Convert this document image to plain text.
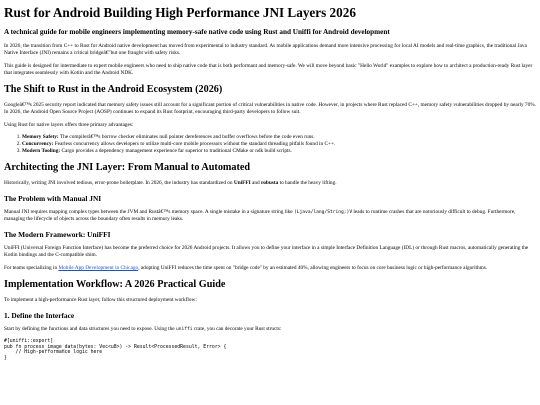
Rust for Android Building High Performance JNI Layers 2026
A technical guide for mobile engineers implementing memory-safe native code using Rust and Uniffi for Android development

In 2026, the transition from C++ to Rust for Android native development has moved from experimental to industry standard. As mobile applications demand more intensive processing for local AI models and real-time graphics, the traditional Java Native Interface (JNI) remains a critical bridgeâ€"but one fraught with safety risks.

This guide is designed for intermediate to expert mobile engineers who need to ship native code that is both performant and memory-safe. We will move beyond basic "Hello World" examples to explore how to architect a production-ready Rust layer that integrates seamlessly with Kotlin and the Android NDK.

The Shift to Rust in the Android Ecosystem (2026)

Googleâ€™s 2025 security report indicated that memory safety issues still account for a significant portion of critical vulnerabilities in native code. However, in projects where Rust replaced C++, memory safety vulnerabilities dropped by nearly 70%. In 2026, the Android Open Source Project (AOSP) continues to expand its Rust footprint, encouraging third-party developers to follow suit.

Using Rust for native layers offers three primary advantages:

1. Memory Safety: The compilerâ€™s borrow checker eliminates null pointer dereferences and buffer overflows before the code even runs.
2. Concurrency: Fearless concurrency allows developers to utilize multi-core mobile processors without the standard threading pitfalls found in C++.
3. Modern Tooling: Cargo provides a dependency management experience far superior to traditional CMake or ndk build scripts.
Architecting the JNI Layer: From Manual to Automated

Historically, writing JNI involved tedious, error-prone boilerplate. In 2026, the industry has standardized on UniFFI and robusta to handle the heavy lifting.

The Problem with Manual JNI

Manual JNI requires mapping complex types between the JVM and Rustâ€™s memory space. A single mistake in a signature string like (Ljava/lang/String;)V leads to runtime crashes that are notoriously difficult to debug. Furthermore, managing the lifecycle of objects across the boundary often results in memory leaks.

The Modern Framework: UniFFI

UniFFI (Universal Foreign Function Interface) has become the preferred choice for 2026 Android projects. It allows you to define your interface in a simple Interface Definition Language (IDL) or through Rust macros, automatically generating the Kotlin bindings and the C-compatible shim.

For teams specializing in Mobile App Development in Chicago, adopting UniFFI reduces the time spent on "bridge code" by an estimated 40%, allowing engineers to focus on core business logic or high-performance algorithms.

Implementation Workflow: A 2026 Practical Guide

To implement a high-performance Rust layer, follow this structured deployment workflow:

1. Define the Interface

Start by defining the functions and data structures you need to expose. Using the uniffi crate, you can decorate your Rust structs:

#[uniffi::export]
pub fn process_image_data(bytes: Vec<u8>) -> Result<ProcessedResult, Error> {
// High-performance logic here
}
